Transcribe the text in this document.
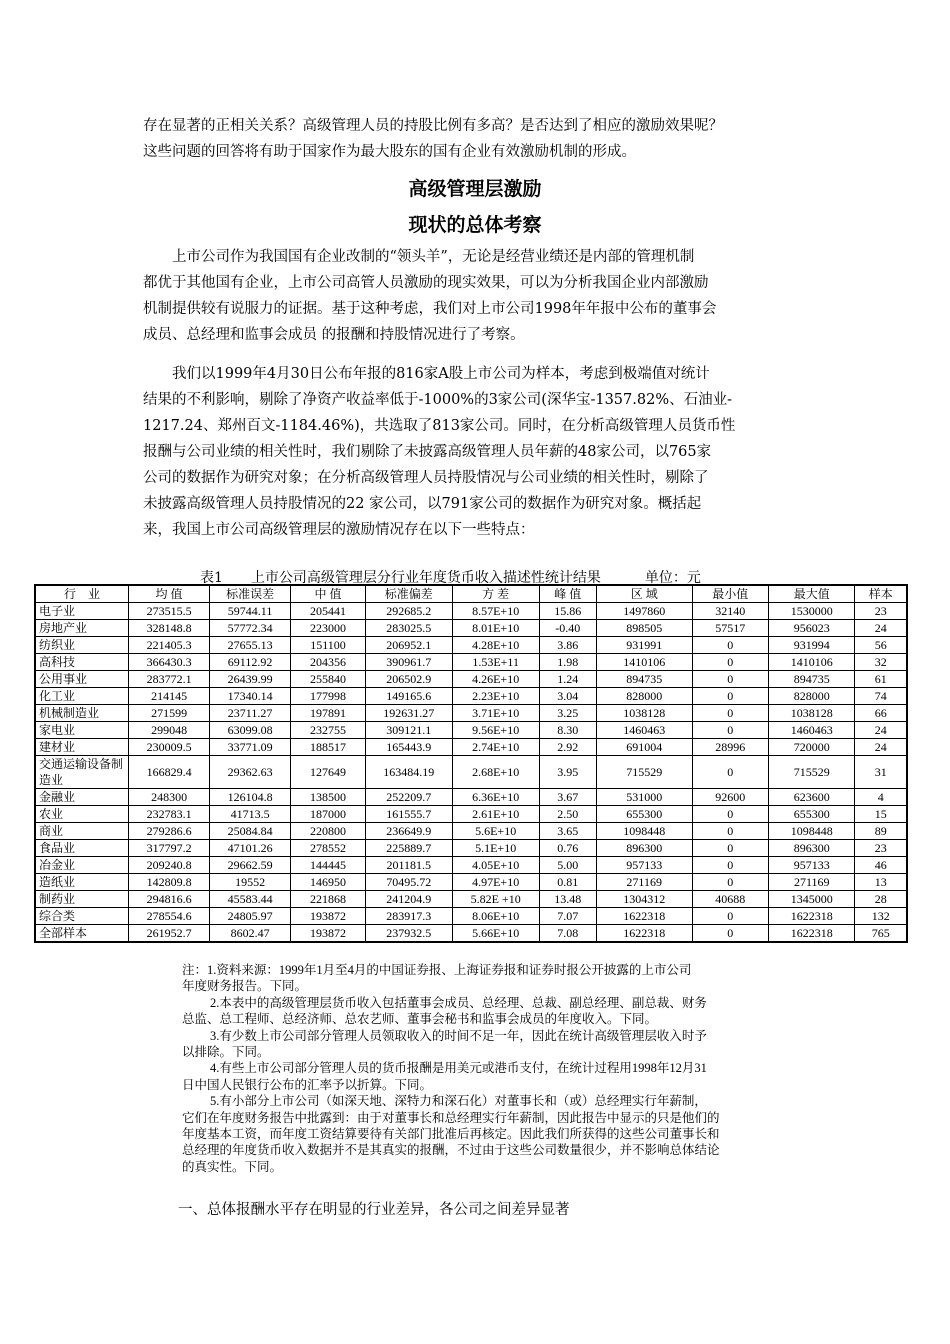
存在显著的正相关关系？高级管理人员的持股比例有多高？是否达到了相应的激励效果呢？
这些问题的回答将有助于国家作为最大股东的国有企业有效激励机制的形成。
高级管理层激励
现状的总体考察
　　上市公司作为我国国有企业改制的“领头羊”，无论是经营业绩还是内部的管理机制
都优于其他国有企业，上市公司高管人员激励的现实效果，可以为分析我国企业内部激励
机制提供较有说服力的证据。基于这种考虑，我们对上市公司1998年年报中公布的董事会
成员、总经理和监事会成员 的报酬和持股情况进行了考察。
　　我们以1999年4月30日公布年报的816家A股上市公司为样本，考虑到极端值对统计
结果的不利影响，剔除了净资产收益率低于-1000%的3家公司(深华宝-1357.82%、石油业-
1217.24、郑州百文-1184.46%)，共选取了813家公司。同时，在分析高级管理人员货币性
报酬与公司业绩的相关性时，我们剔除了未披露高级管理人员年薪的48家公司，以765家
公司的数据作为研究对象；在分析高级管理人员持股情况与公司业绩的相关性时，剔除了
未披露高级管理人员持股情况的22 家公司，以791家公司的数据作为研究对象。概括起
来，我国上市公司高级管理层的激励情况存在以下一些特点：
表1　　上市公司高级管理层分行业年度货币收入描述性统计结果	单位：元
行　业	均 值	标准误差	中 值	标准偏差	方 差	峰 值	区 域	最小值	最大值	样本
电子业	273515.5	59744.11	205441	292685.2	8.57E+10	15.86	1497860	32140	1530000	23
房地产业	328148.8	57772.34	223000	283025.5	8.01E+10	-0.40	898505	57517	956023	24
纺织业	221405.3	27655.13	151100	206952.1	4.28E+10	3.86	931991	0	931994	56
高科技	366430.3	69112.92	204356	390961.7	1.53E+11	1.98	1410106	0	1410106	32
公用事业	283772.1	26439.99	255840	206502.9	4.26E+10	1.24	894735	0	894735	61
化工业	214145	17340.14	177998	149165.6	2.23E+10	3.04	828000	0	828000	74
机械制造业	271599	23711.27	197891	192631.27	3.71E+10	3.25	1038128	0	1038128	66
家电业	299048	63099.08	232755	309121.1	9.56E+10	8.30	1460463	0	1460463	24
建材业	230009.5	33771.09	188517	165443.9	2.74E+10	2.92	691004	28996	720000	24
交通运输设备制造业	166829.4	29362.63	127649	163484.19	2.68E+10	3.95	715529	0	715529	31
金融业	248300	126104.8	138500	252209.7	6.36E+10	3.67	531000	92600	623600	4
农业	232783.1	41713.5	187000	161555.7	2.61E+10	2.50	655300	0	655300	15
商业	279286.6	25084.84	220800	236649.9	5.6E+10	3.65	1098448	0	1098448	89
食品业	317797.2	47101.26	278552	225889.7	5.1E+10	0.76	896300	0	896300	23
冶金业	209240.8	29662.59	144445	201181.5	4.05E+10	5.00	957133	0	957133	46
造纸业	142809.8	19552	146950	70495.72	4.97E+10	0.81	271169	0	271169	13
制药业	294816.6	45583.44	221868	241204.9	5.82E +10	13.48	1304312	40688	1345000	28
综合类	278554.6	24805.97	193872	283917.3	8.06E+10	7.07	1622318	0	1622318	132
全部样本	261952.7	8602.47	193872	237932.5	5.66E+10	7.08	1622318	0	1622318	765
注：1.资料来源：1999年1月至4月的中国证券报、上海证券报和证券时报公开披露的上市公司
年度财务报告。下同。
2.本表中的高级管理层货币收入包括董事会成员、总经理、总裁、副总经理、副总裁、财务
总监、总工程师、总经济师、总农艺师、董事会秘书和监事会成员的年度收入。下同。
3.有少数上市公司部分管理人员领取收入的时间不足一年，因此在统计高级管理层收入时予
以排除。下同。
4.有些上市公司部分管理人员的货币报酬是用美元或港币支付，在统计过程用1998年12月31
日中国人民银行公布的汇率予以折算。下同。
5.有小部分上市公司（如深天地、深特力和深石化）对董事长和（或）总经理实行年薪制，
它们在年度财务报告中批露到：由于对董事长和总经理实行年薪制，因此报告中显示的只是他们的
年度基本工资，而年度工资结算要待有关部门批准后再核定。因此我们所获得的这些公司董事长和
总经理的年度货币收入数据并不是其真实的报酬，不过由于这些公司数量很少，并不影响总体结论
的真实性。下同。
一、总体报酬水平存在明显的行业差异，各公司之间差异显著
